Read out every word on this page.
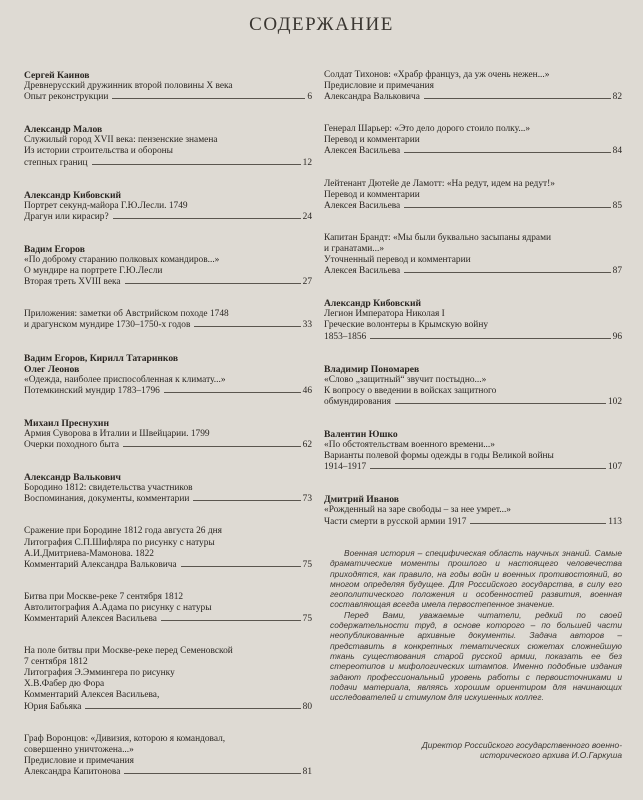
СОДЕРЖАНИЕ
Сергей Каинов
Древнерусский дружинник второй половины X века
Опыт реконструкции	6
Александр Малов
Служилый город XVII века: пензенские знамена
Из истории строительства и обороны
степных границ	12
Александр Кибовский
Портрет секунд-майора Г.Ю.Лесли. 1749
Драгун или кирасир?	24
Вадим Егоров
«По доброму старанию полковых командиров...»
О мундире на портрете Г.Ю.Лесли
Вторая треть XVIII века	27
Приложения: заметки об Австрийском походе 1748
и драгунском мундире 1730–1750-х годов	33
Вадим Егоров, Кирилл Татаринков
Олег Леонов
«Одежда, наиболее приспособленная к климату...»
Потемкинский мундир 1783–1796	46
Михаил Преснухин
Армия Суворова в Италии и Швейцарии. 1799
Очерки походного быта	62
Александр Валькович
Бородино 1812: свидетельства участников
Воспоминания, документы, комментарии	73
Сражение при Бородине 1812 года августа 26 дня
Литография С.П.Шифляра по рисунку с натуры
А.И.Дмитриева-Мамонова. 1822
Комментарий Александра Вальковича	75
Битва при Москве-реке 7 сентября 1812
Автолитография А.Адама по рисунку с натуры
Комментарий Алексея Васильева	75
На поле битвы при Москве-реке перед Семеновской
7 сентября 1812
Литография Э.Эммингера по рисунку
Х.В.Фабер дю Фора
Комментарий Алексея Васильева,
Юрия Бабьяка	80
Граф Воронцов: «Дивизия, которою я командовал,
совершенно уничтожена...»
Предисловие и примечания
Александра Капитонова	81
Солдат Тихонов: «Храбр француз, да уж очень нежен...»
Предисловие и примечания
Александра Вальковича	82
Генерал Шарьер: «Это дело дорого стоило полку...»
Перевод и комментарии
Алексея Васильева	84
Лейтенант Дютейе де Ламотт: «На редут, идем на редут!»
Перевод и комментарии
Алексея Васильева	85
Капитан Брандт: «Мы были буквально засыпаны ядрами
и гранатами...»
Уточненный перевод и комментарии
Алексея Васильева	87
Александр Кибовский
Легион Императора Николая I
Греческие волонтеры в Крымскую войну
1853–1856	96
Владимир Пономарев
«Слово „защитный“ звучит постыдно...»
К вопросу о введении в войсках защитного
обмундирования	102
Валентин Юшко
«По обстоятельствам военного времени...»
Варианты полевой формы одежды в годы Великой войны
1914–1917	107
Дмитрий Иванов
«Рожденный на заре свободы – за нее умрет...»
Части смерти в русской армии 1917	113

Военная история – специфическая область научных знаний. Самые драматические моменты прошлого и настоящего человечества приходятся, как правило, на годы войн и военных противостояний, во многом определяя будущее. Для Российского государства, в силу его геополитического положения и особенностей развития, военная составляющая всегда имела первостепенное значение.

Перед Вами, уважаемые читатели, редкий по своей содержательности труд, в основе которого – по большей части неопубликованные архивные документы. Задача авторов – представить в конкретных тематических сюжетах сложнейшую ткань существования старой русской армии, показать ее без стереотипов и мифологических штампов. Именно подобные издания задают профессиональный уровень работы с первоисточниками и подачи материала, являясь хорошим ориентиром для начинающих исследователей и стимулом для искушенных коллег.

Директор Российского государственного военно-
исторического архива И.О.Гаркуша
